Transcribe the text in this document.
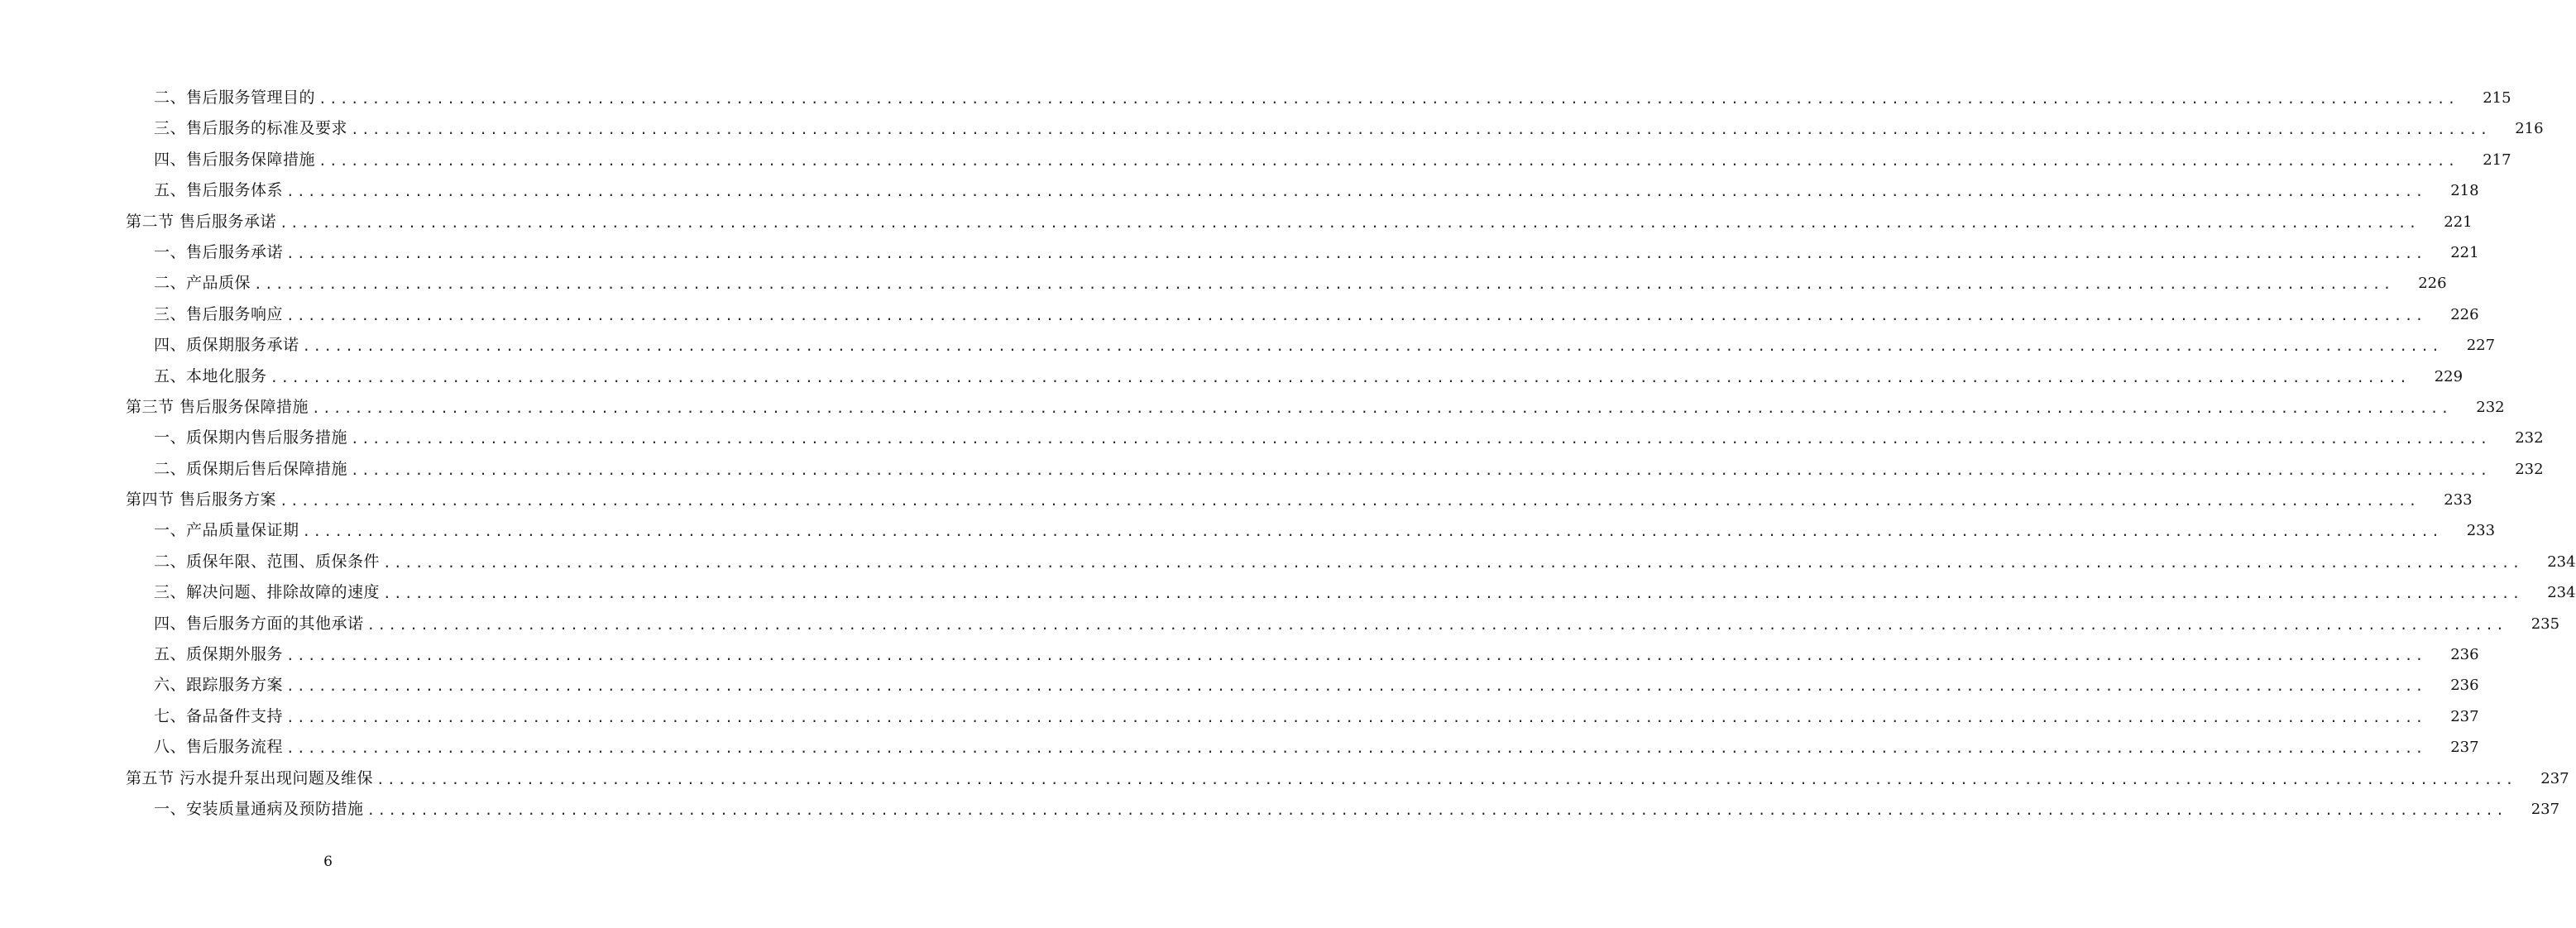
二、售后服务管理目的 ........................................................................................................................................................................................................	215
三、售后服务的标准及要求 ........................................................................................................................................................................................................	216
四、售后服务保障措施 ........................................................................................................................................................................................................	217
五、售后服务体系 ........................................................................................................................................................................................................	218
第二节 售后服务承诺 ........................................................................................................................................................................................................	221
一、售后服务承诺 ........................................................................................................................................................................................................	221
二、产品质保 ........................................................................................................................................................................................................	226
三、售后服务响应 ........................................................................................................................................................................................................	226
四、质保期服务承诺 ........................................................................................................................................................................................................	227
五、本地化服务 ........................................................................................................................................................................................................	229
第三节 售后服务保障措施 ........................................................................................................................................................................................................	232
一、质保期内售后服务措施 ........................................................................................................................................................................................................	232
二、质保期后售后保障措施 ........................................................................................................................................................................................................	232
第四节 售后服务方案 ........................................................................................................................................................................................................	233
一、产品质量保证期 ........................................................................................................................................................................................................	233
二、质保年限、范围、质保条件 ........................................................................................................................................................................................................	234
三、解决问题、排除故障的速度 ........................................................................................................................................................................................................	234
四、售后服务方面的其他承诺 ........................................................................................................................................................................................................	235
五、质保期外服务 ........................................................................................................................................................................................................	236
六、跟踪服务方案 ........................................................................................................................................................................................................	236
七、备品备件支持 ........................................................................................................................................................................................................	237
八、售后服务流程 ........................................................................................................................................................................................................	237
第五节 污水提升泵出现问题及维保 ........................................................................................................................................................................................................	237
一、安装质量通病及预防措施 ........................................................................................................................................................................................................	237
6
